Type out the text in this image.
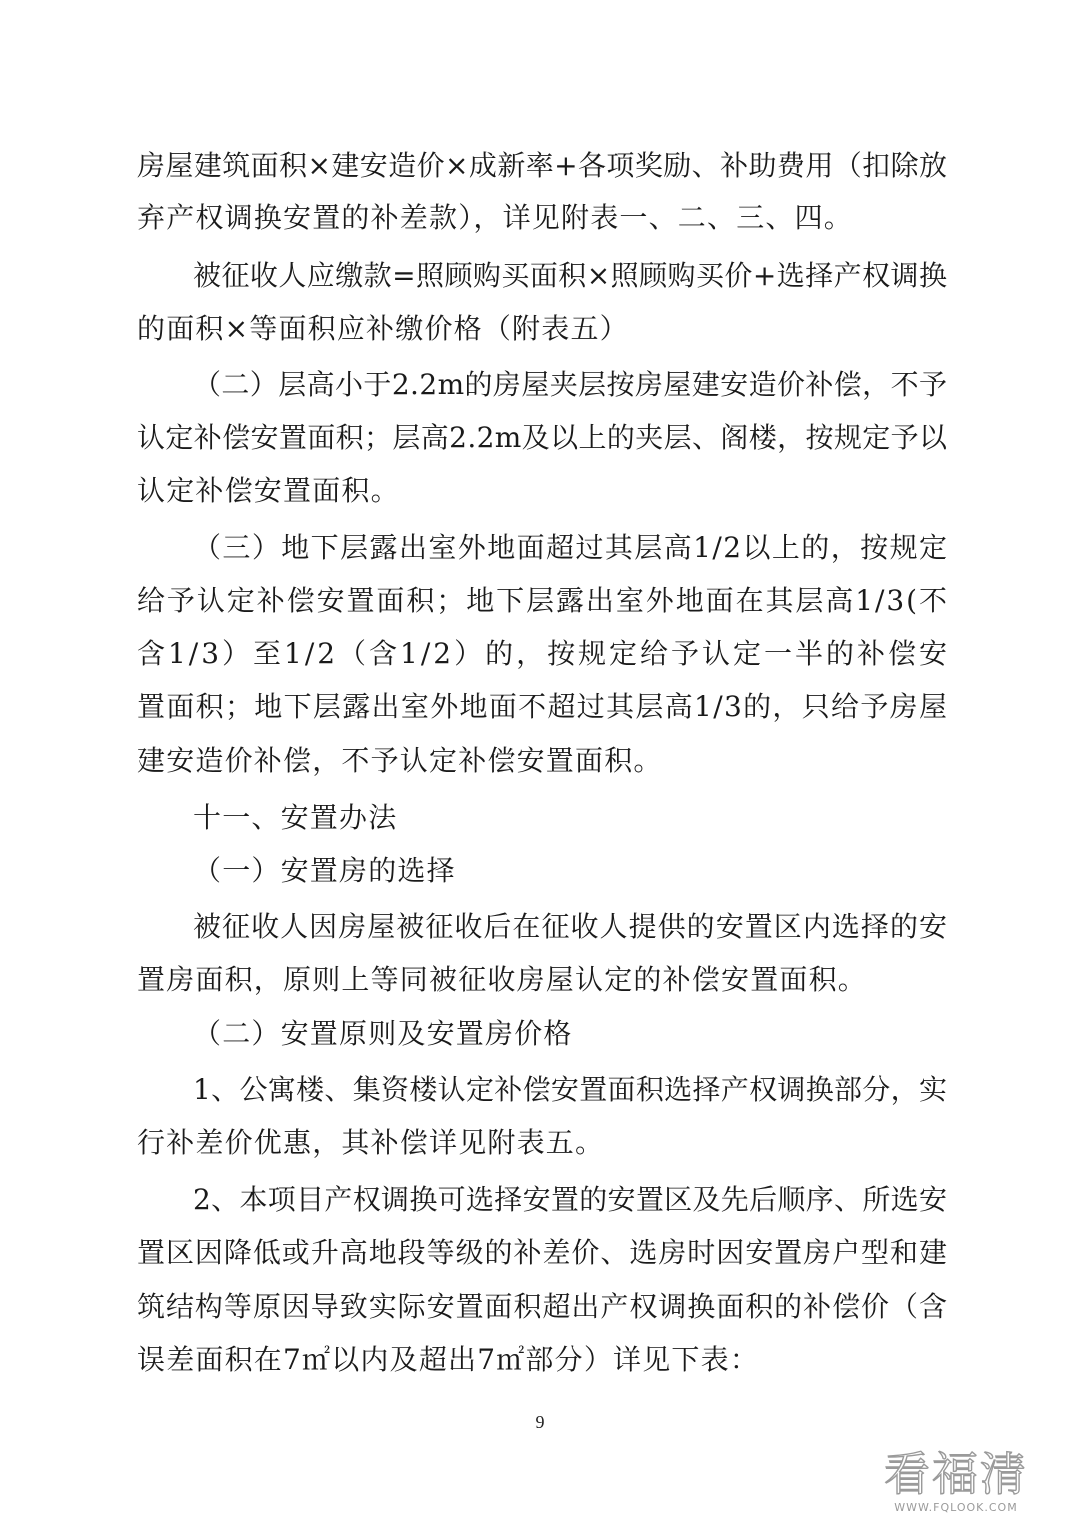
房屋建筑面积×建安造价×成新率+各项奖励、补助费用（扣除放
弃产权调换安置的补差款），详见附表一、二、三、四。
被征收人应缴款=照顾购买面积×照顾购买价+选择产权调换
的面积×等面积应补缴价格（附表五）
（二）层高小于2.2m的房屋夹层按房屋建安造价补偿，不予
认定补偿安置面积；层高2.2m及以上的夹层、阁楼，按规定予以
认定补偿安置面积。
（三）地下层露出室外地面超过其层高1/2以上的，按规定
给予认定补偿安置面积；地下层露出室外地面在其层高1/3(不
含1/3）至1/2（含1/2）的，按规定给予认定一半的补偿安
置面积；地下层露出室外地面不超过其层高1/3的，只给予房屋
建安造价补偿，不予认定补偿安置面积。
十一、安置办法
（一）安置房的选择
被征收人因房屋被征收后在征收人提供的安置区内选择的安
置房面积，原则上等同被征收房屋认定的补偿安置面积。
（二）安置原则及安置房价格
1、公寓楼、集资楼认定补偿安置面积选择产权调换部分，实
行补差价优惠，其补偿详见附表五。
2、本项目产权调换可选择安置的安置区及先后顺序、所选安
置区因降低或升高地段等级的补差价、选房时因安置房户型和建
筑结构等原因导致实际安置面积超出产权调换面积的补偿价（含
误差面积在7㎡以内及超出7㎡部分）详见下表：
9
看福清
WWW.FQLOOK.COM
